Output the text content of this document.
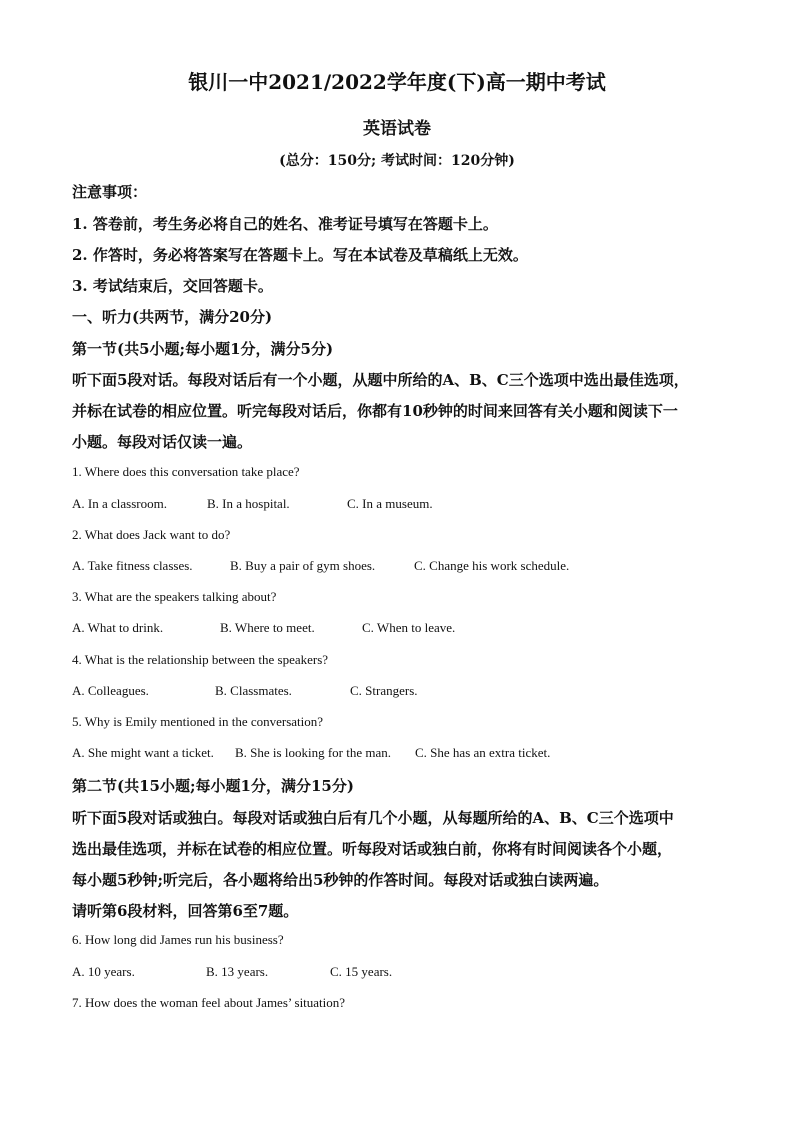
银川一中2021/2022学年度(下)高一期中考试
英语试卷
(总分：150分; 考试时间：120分钟)
注意事项：
1. 答卷前，考生务必将自己的姓名、准考证号填写在答题卡上。
2. 作答时，务必将答案写在答题卡上。写在本试卷及草稿纸上无效。
3. 考试结束后，交回答题卡。
一、听力(共两节，满分20分)
第一节(共5小题;每小题1分，满分5分)
听下面5段对话。每段对话后有一个小题，从题中所给的A、B、C三个选项中选出最佳选项，
并标在试卷的相应位置。听完每段对话后，你都有10秒钟的时间来回答有关小题和阅读下一
小题。每段对话仅读一遍。
1. Where does this conversation take place?
A. In a classroom.	B. In a hospital.	C. In a museum.
2. What does Jack want to do?
A. Take fitness classes.	B. Buy a pair of gym shoes.	C. Change his work schedule.
3. What are the speakers talking about?
A. What to drink.	B. Where to meet.	C. When to leave.
4. What is the relationship between the speakers?
A. Colleagues.	B. Classmates.	C. Strangers.
5. Why is Emily mentioned in the conversation?
A. She might want a ticket. B. She is looking for the man. C. She has an extra ticket.
第二节(共15小题;每小题1分，满分15分)
听下面5段对话或独白。每段对话或独白后有几个小题，从每题所给的A、B、C三个选项中
选出最佳选项，并标在试卷的相应位置。听每段对话或独白前，你将有时间阅读各个小题，
每小题5秒钟;听完后，各小题将给出5秒钟的作答时间。每段对话或独白读两遍。
请听第6段材料，回答第6至7题。
6. How long did James run his business?
A. 10 years.	B. 13 years.	C. 15 years.
7. How does the woman feel about James’ situation?
